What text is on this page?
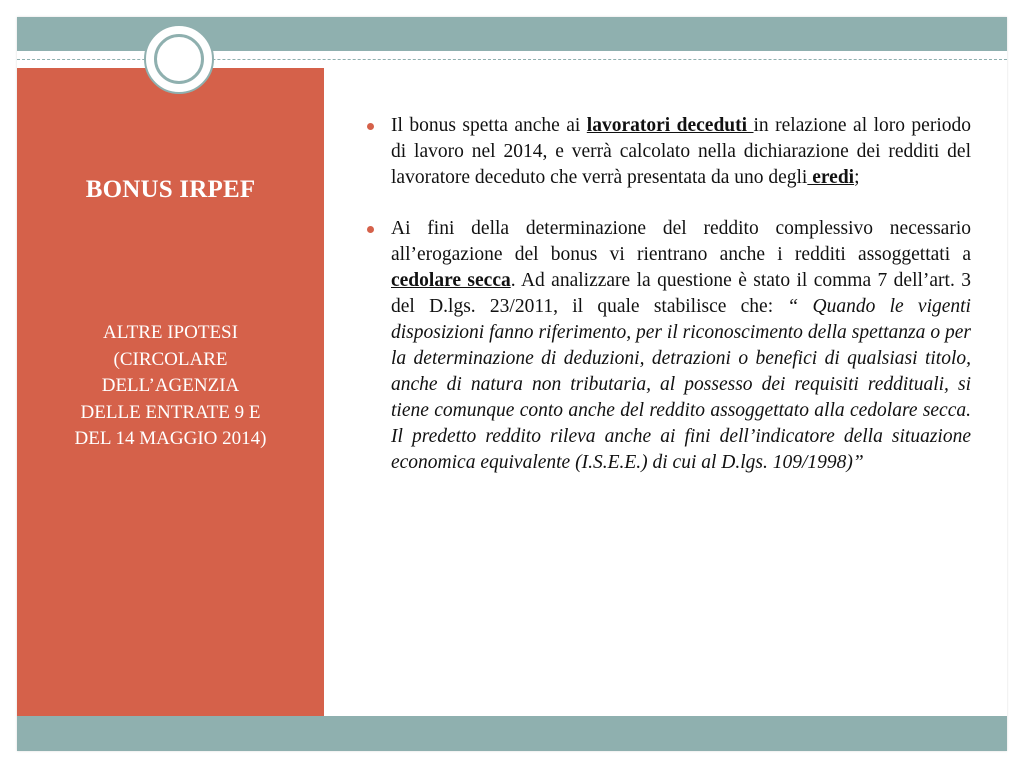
BONUS IRPEF
ALTRE IPOTESI
(CIRCOLARE
DELL’AGENZIA
DELLE ENTRATE 9 E
DEL 14 MAGGIO 2014)

Il bonus spetta anche ai lavoratori deceduti in relazione al loro periodo di lavoro nel 2014, e verrà calcolato nella dichiarazione dei redditi del lavoratore deceduto che verrà presentata da uno degli eredi;

Ai fini della determinazione del reddito complessivo necessario all’erogazione del bonus vi rientrano anche i redditi assoggettati a cedolare secca. Ad analizzare la questione è stato il comma 7 dell’art. 3 del D.lgs. 23/2011, il quale stabilisce che: “ Quando le vigenti disposizioni fanno riferimento, per il riconoscimento della spettanza o per la determinazione di deduzioni, detrazioni o benefici di qualsiasi titolo, anche di natura non tributaria, al possesso dei requisiti reddituali, si tiene comunque conto anche del reddito assoggettato alla cedolare secca. Il predetto reddito rileva anche ai fini dell’indicatore della situazione economica equivalente (I.S.E.E.) di cui al D.lgs. 109/1998)”
